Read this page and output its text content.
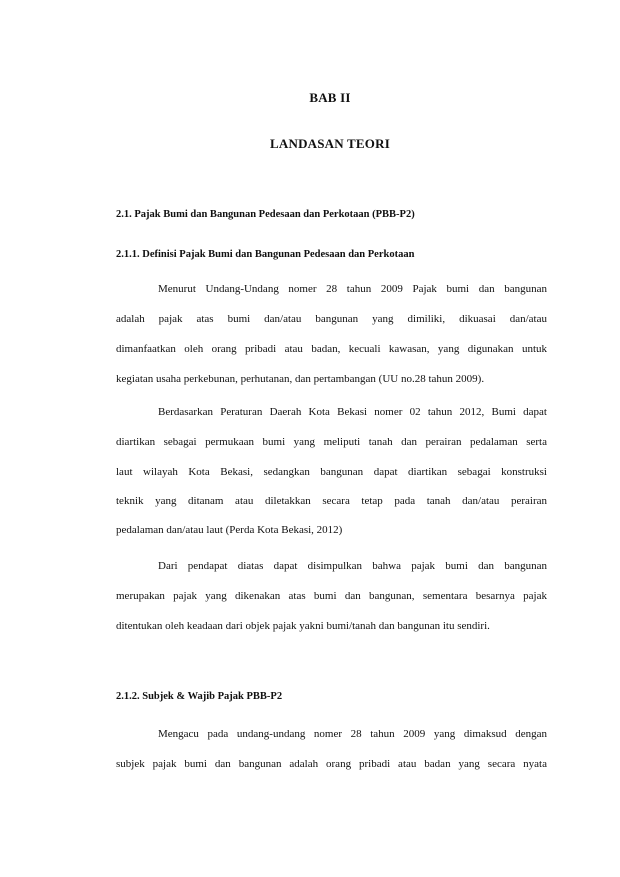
BAB II
LANDASAN TEORI
2.1. Pajak Bumi dan Bangunan Pedesaan dan Perkotaan (PBB-P2)
2.1.1. Definisi Pajak Bumi dan Bangunan Pedesaan dan Perkotaan
Menurut Undang-Undang nomer 28 tahun 2009 Pajak bumi dan bangunan
adalah pajak atas bumi dan/atau bangunan yang dimiliki, dikuasai dan/atau
dimanfaatkan oleh orang pribadi atau badan, kecuali kawasan, yang digunakan untuk
kegiatan usaha perkebunan, perhutanan, dan pertambangan (UU no.28 tahun 2009).
Berdasarkan Peraturan Daerah Kota Bekasi nomer 02 tahun 2012, Bumi dapat
diartikan sebagai permukaan bumi yang meliputi tanah dan perairan pedalaman serta
laut wilayah Kota Bekasi, sedangkan bangunan dapat diartikan sebagai konstruksi
teknik yang ditanam atau diletakkan secara tetap pada tanah dan/atau perairan
pedalaman dan/atau laut (Perda Kota Bekasi, 2012)
Dari pendapat diatas dapat disimpulkan bahwa pajak bumi dan bangunan
merupakan pajak yang dikenakan atas bumi dan bangunan, sementara besarnya pajak
ditentukan oleh keadaan dari objek pajak yakni bumi/tanah dan bangunan itu sendiri.
2.1.2. Subjek & Wajib Pajak PBB-P2
Mengacu pada undang-undang nomer 28 tahun 2009 yang dimaksud dengan
subjek pajak bumi dan bangunan adalah orang pribadi atau badan yang secara nyata
